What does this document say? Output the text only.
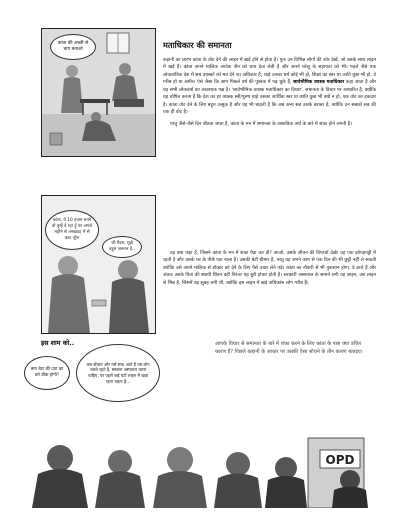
कांता की अच्छी से चाय बनाओ
कांता, ये 10 हजार रुपये तो तुम्हें दे रहा हूँ पर अगले महीने से तनख्वाह में से काट लूँगा
जी मैडम, मुझे बहुत ज़रूरत है..
इस शाम को..
OPD
क्या बेटा की दवा का करे ठीक होगी?
जब डॉक्टर और नर्स साथ आते हैं तब लोग चलते रहते हैं, सरकार अस्पताल जाना चाहिए, पर पहले कई घंटों लाइन में खड़ा रहना पड़ता है...
मताधिकार की समानता

कहानी का प्रारंभ कांता के वोट देने की लाइन में खड़ें होने से होता है। पुनः उन विभिन्न लोगों की ओर देखें, जो उसके साथ लाइन में खड़ें हैं। कांता अपने मालिक आवेक जैन को चाय देता लेती है और अपने घरेलू के सहायता को भी। पहले जैसे एक लोकतांत्रिक देश में सब वयस्कों को मत देने का अधिकार है; चाहे उनका धर्म कोई भी हो, शिक्षा का स्तर या जाति कुछ भी हो, वे गरीब हो या अमीर। ऐसे जैसा कि आप पिछले वर्ष की पुस्तक में पढ़ चुके हैं, सार्वभौमिक वयस्क मताधिकार कहा जाता है और यह सभी लोकतंत्रों का आवश्यक पक्ष है। 'सार्वभौमिक वयस्क मताधिकार का विचार', समानता के विचार पर आधारित है, क्योंकि यह घोषित करता है कि देश का हर वयस्क स्त्री/पुरुष चाहे उसका आर्थिक स्तर या जाति कुछ भी क्यों न हो, एक वोट का हकदार है। कांता वोट देने के लिए बहुत उत्सुक है और यह भी चाहती है कि अब अन्य सब उसके बराबर है, क्योंकि उन सबको सब की एक ही वोट है।

परंतु जैसे-जैसे दिन बीतता जाता है, कांता के मन में समानता के वास्तविक अर्थ के बारे में शंका होने लगती है।

वह क्या कहा है, जिसने कांता के मन में शंका पैदा कर दी? आओ, उसके जीवन की विपरयों देखें। वह एक झोपड़पट्टी में रहती है और उसके घर के पीछे एक नाला है। उसकी बेटी बीमार है, परंतु वह अपने काम से एक दिन की भी छुट्टी नहीं ले सकती क्योंकि उसे अपने मालिक से डॉक्टर को देने के लिए पैसे उधार लेने पड़े। कांता का नौकरी से भी नुकसान होगा, वे डरते हैं और अंततः उसके पिता की स्थायी चिंतन वहीं निरंतर यह बुरी होकर होती है। सरकारी अस्पताल के सामने लगी यह लाइन, उस लाइन से भिन्न है, जिसमें वह सुबह लगी थी, क्योंकि इस लाइन में खड़े अधिकांश लोग गरीब हैं।

आपके विचार से समानता के बारे में शंका करने के लिए कांता के पास क्या उचित कारण हैं? पिछले कहानी के आधार पर उसकी ऐसा सोचने के तीन कारण बताइए।
